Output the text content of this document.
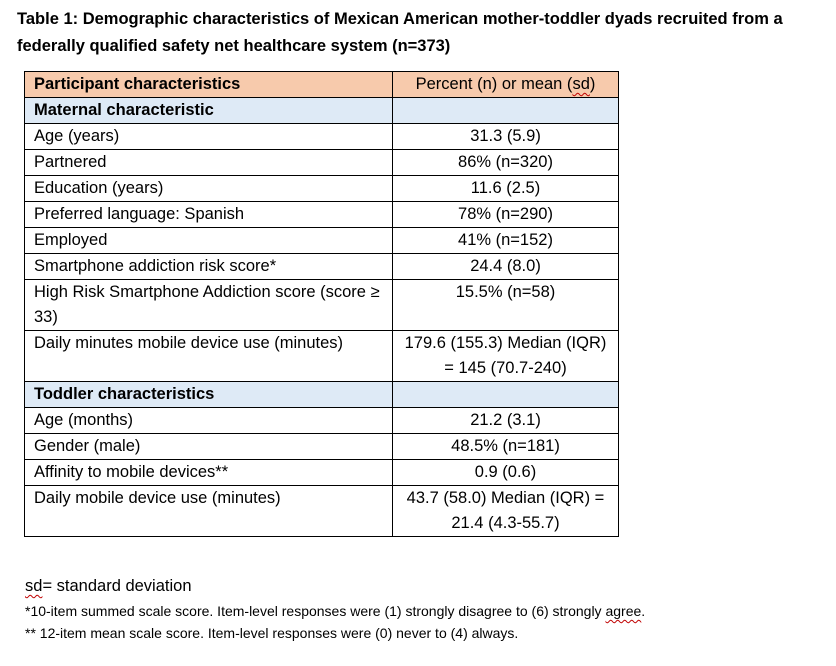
Table 1: Demographic characteristics of Mexican American mother-toddler dyads recruited from a federally qualified safety net healthcare system (n=373)
Participant characteristics	Percent (n) or mean (sd)
Maternal characteristic	
Age (years)	31.3 (5.9)
Partnered	86% (n=320)
Education (years)	11.6 (2.5)
Preferred language: Spanish	78% (n=290)
Employed	41% (n=152)
Smartphone addiction risk score*	24.4 (8.0)
High Risk Smartphone Addiction score (score ≥ 33)	15.5% (n=58)
Daily minutes mobile device use (minutes)	179.6 (155.3) Median (IQR) = 145 (70.7-240)
Toddler characteristics	
Age (months)	21.2 (3.1)
Gender (male)	48.5% (n=181)
Affinity to mobile devices**	0.9 (0.6)
Daily mobile device use (minutes)	43.7 (58.0) Median (IQR) = 21.4 (4.3-55.7)
sd= standard deviation
*10-item summed scale score. Item-level responses were (1) strongly disagree to (6) strongly agree.
** 12-item mean scale score. Item-level responses were (0) never to (4) always.
